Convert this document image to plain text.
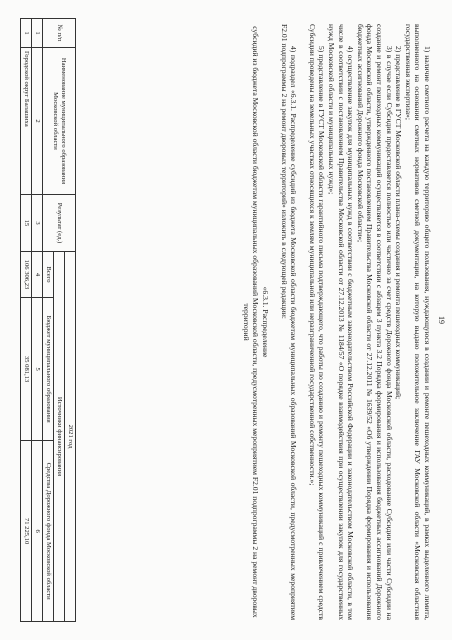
19

1) наличие сметного расчета на каждую территорию общего пользования, нуждающуюся в создании и ремонте пешеходных коммуникаций, в рамках выделенного лимита, выполненного на основании сметных нормативов сметной документации, на которую выдано положительное заключение ГАУ Московской области «Московская областная государственная экспертиза»;

2) представление в ГУСТ Московской области плана-схемы создания и ремонта пешеходных коммуникаций;

3) в случае если Субсидия предоставляется полностью или частично за счет средств Дорожного фонда Московской области, расходование Субсидии или части Субсидии на создание и ремонт пешеходных коммуникаций осуществляется в соответствии с абзацем 3 пункта 3.2 Порядка формирования и использования бюджетных ассигнований Дорожного фонда Московской области, утвержденного постановлением Правительства Московской области от 27.12.2011 № 1639/52 «Об утверждении Порядка формирования и использования бюджетных ассигнований Дорожного фонда Московской области»;

4) осуществление закупок для муниципальных нужд в соответствии с бюджетным законодательством Российской Федерации и законодательством Московской области, в том числе в соответствии с постановлением Правительства Московской области от 27.12.2013 № 1184/57 «О порядке взаимодействия при осуществлении закупок для государственных нужд Московской области и муниципальных нужд»;

5) представление в ГУСТ Московской области гарантийного письма подтверждающего, что работы по созданию и ремонту пешеходных коммуникаций с привлечением средств Субсидии проведены на земельных участках относящихся к землям муниципальной или неразграниченной государственной собственности.»;

4) подраздел «6.3.1. Распределение субсидий из бюджета Московской области бюджетам муниципальных образований Московской области, предусмотренных мероприятием F2.01 подпрограммы 2 на ремонт дворовых территорий» изложить в следующей редакции:

«6.3.1. Распределение

субсидий из бюджета Московской области бюджетам муниципальных образований Московской области, предусмотренных мероприятием F2.01 подпрограммы 2 на ремонт дворовых территорий

№ п/п	Наименование муниципального образования Московской области	Результат (ед.)	2021 год		
			Источники финансирования		
			Всего	Бюджет муниципального образования	Средства Дорожного фонда Московской области
1	2	3	4	5	6
1	Городской округ Балашиха	15	106 306,23	35 081,13	71 225,10
